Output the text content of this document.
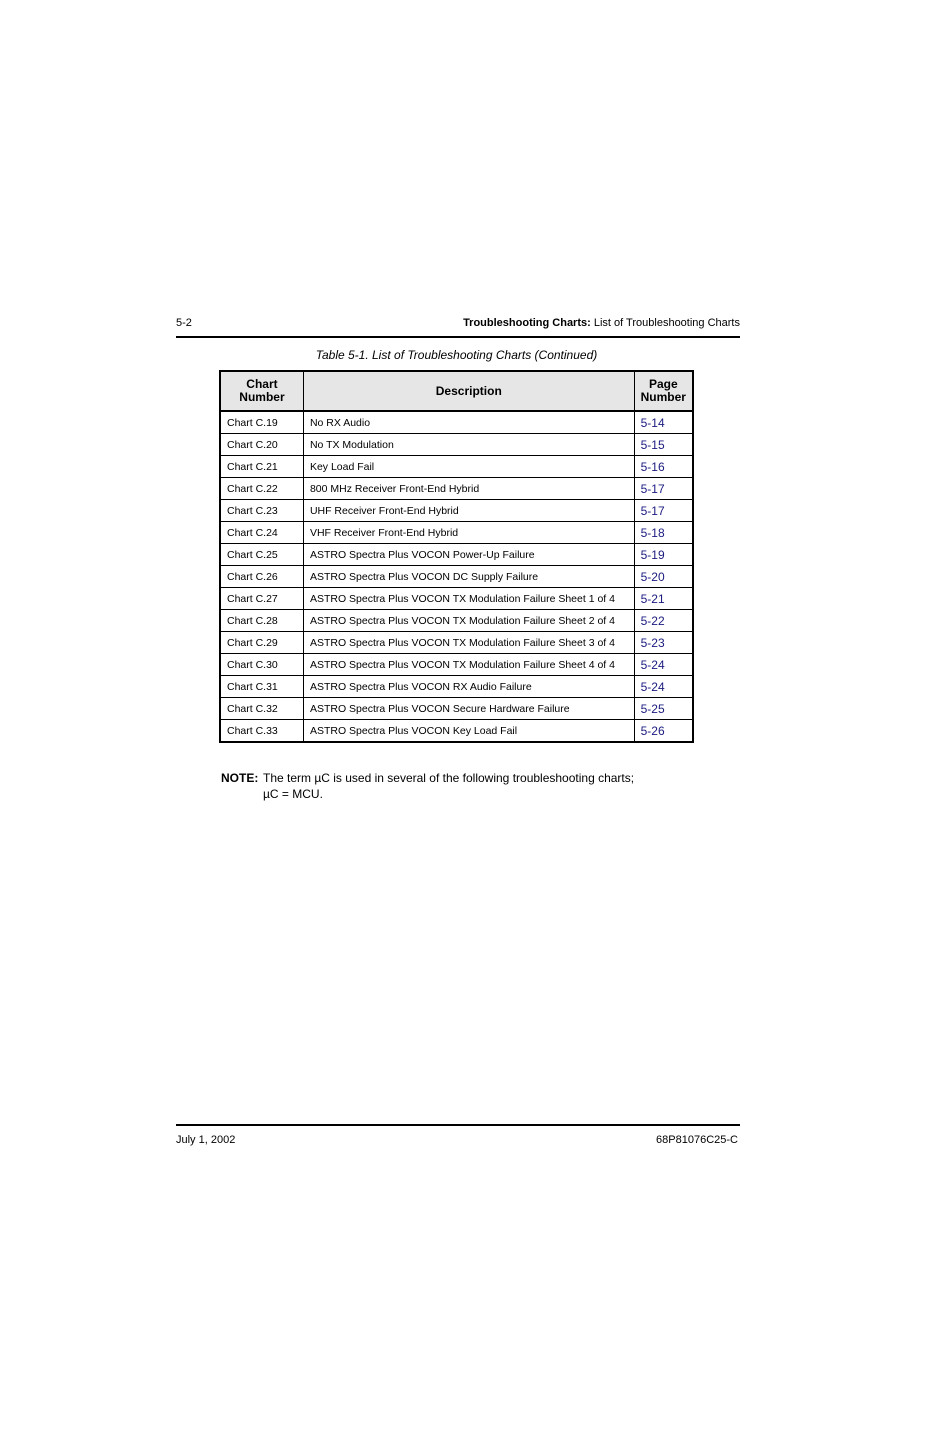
5-2	Troubleshooting Charts: List of Troubleshooting Charts
Table 5-1. List of Troubleshooting Charts (Continued)
Chart Number	Description	Page Number
Chart C.19	No RX Audio	5-14
Chart C.20	No TX Modulation	5-15
Chart C.21	Key Load Fail	5-16
Chart C.22	800 MHz Receiver Front-End Hybrid	5-17
Chart C.23	UHF Receiver Front-End Hybrid	5-17
Chart C.24	VHF Receiver Front-End Hybrid	5-18
Chart C.25	ASTRO Spectra Plus VOCON Power-Up Failure	5-19
Chart C.26	ASTRO Spectra Plus VOCON DC Supply Failure	5-20
Chart C.27	ASTRO Spectra Plus VOCON TX Modulation Failure Sheet 1 of 4	5-21
Chart C.28	ASTRO Spectra Plus VOCON TX Modulation Failure Sheet 2 of 4	5-22
Chart C.29	ASTRO Spectra Plus VOCON TX Modulation Failure Sheet 3 of 4	5-23
Chart C.30	ASTRO Spectra Plus VOCON TX Modulation Failure Sheet 4 of 4	5-24
Chart C.31	ASTRO Spectra Plus VOCON RX Audio Failure	5-24
Chart C.32	ASTRO Spectra Plus VOCON Secure Hardware Failure	5-25
Chart C.33	ASTRO Spectra Plus VOCON Key Load Fail	5-26
NOTE: The term µC is used in several of the following troubleshooting charts;
µC = MCU.
July 1, 2002	68P81076C25-C
